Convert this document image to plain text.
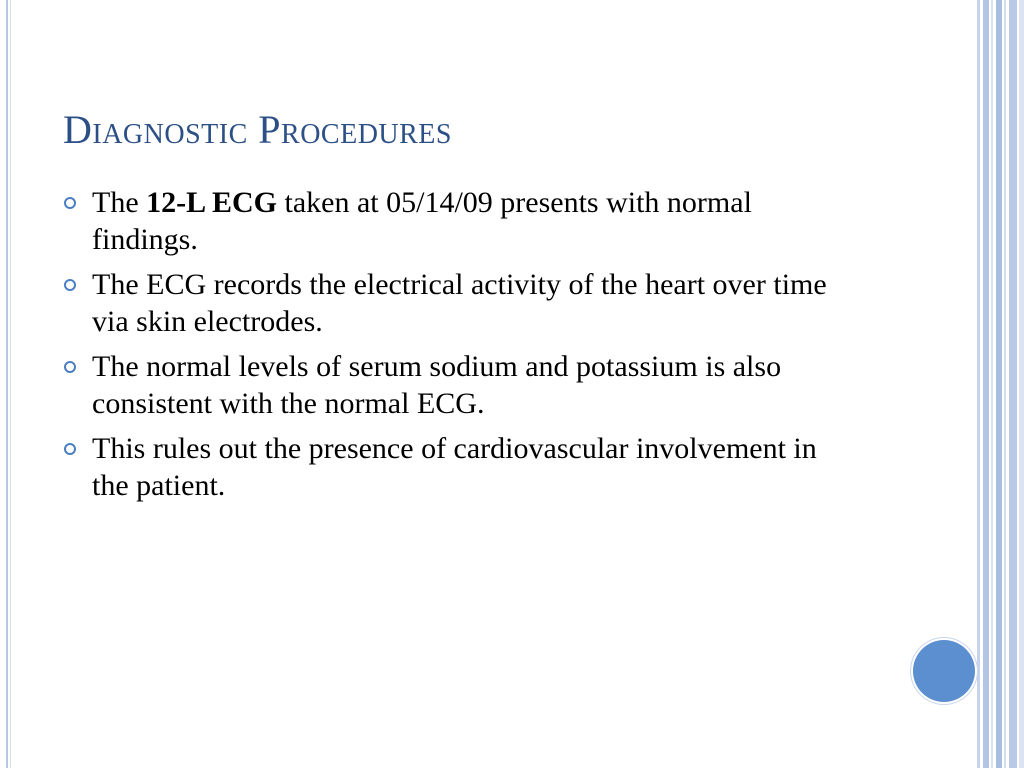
Diagnostic Procedures
The 12-L ECG taken at 05/14/09 presents with normal findings.
The ECG records the electrical activity of the heart over time via skin electrodes.
The normal levels of serum sodium and potassium is also consistent with the normal ECG.
This rules out the presence of cardiovascular involvement in the patient.
